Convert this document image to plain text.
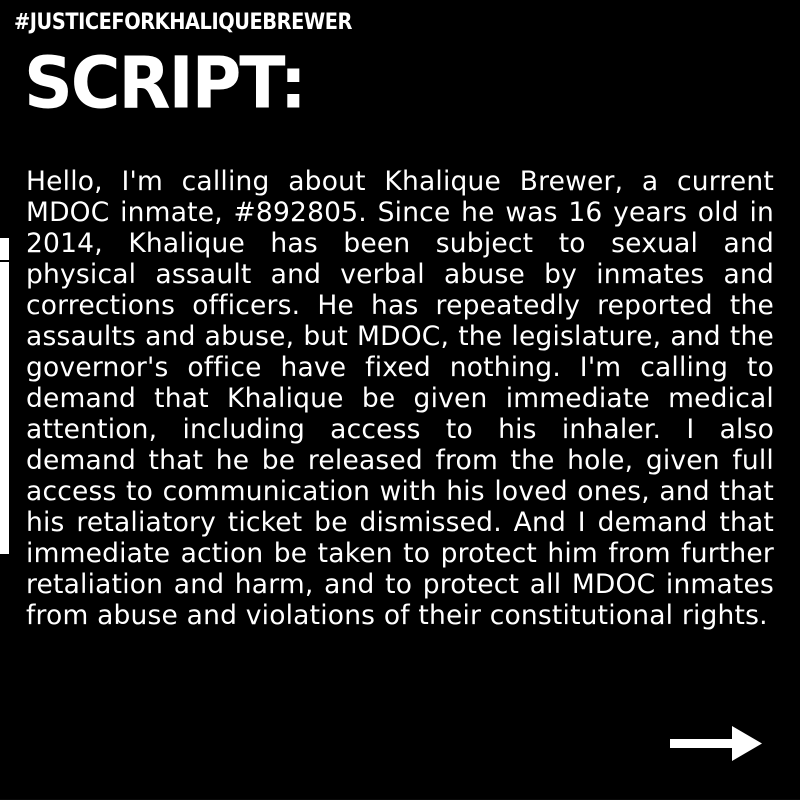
#JUSTICEFORKHALIQUEBREWER
SCRIPT:
Hello, I'm calling about Khalique Brewer, a current MDOC inmate, #892805. Since he was 16 years old in 2014, Khalique has been subject to sexual and physical assault and verbal abuse by inmates and corrections officers. He has repeatedly reported the assaults and abuse, but MDOC, the legislature, and the governor's office have fixed nothing. I'm calling to demand that Khalique be given immediate medical attention, including access to his inhaler. I also demand that he be released from the hole, given full access to communication with his loved ones, and that his retaliatory ticket be dismissed. And I demand that immediate action be taken to protect him from further retaliation and harm, and to protect all MDOC inmates from abuse and violations of their constitutional rights.
